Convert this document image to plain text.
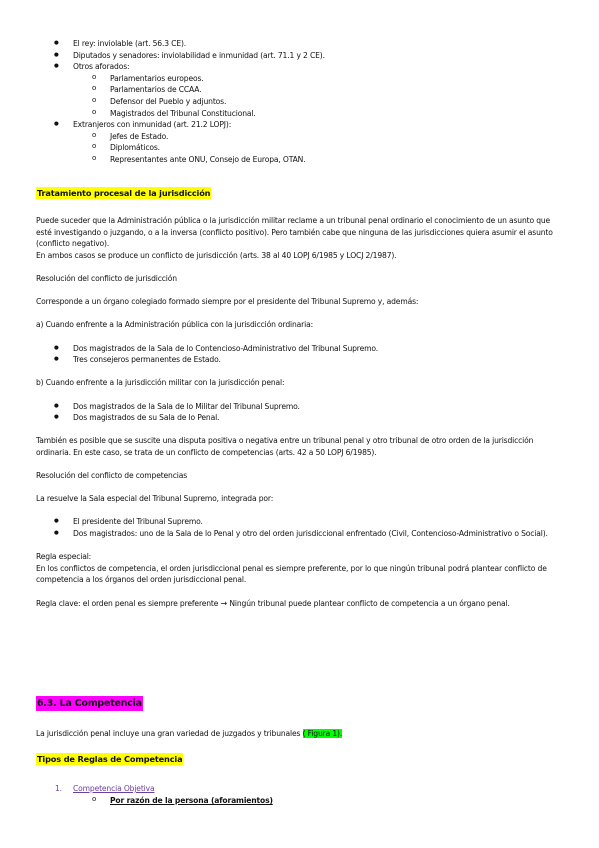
● El rey: inviolable (art. 56.3 CE).
● Diputados y senadores: inviolabilidad e inmunidad (art. 71.1 y 2 CE).
● Otros aforados:
o Parlamentarios europeos.
o Parlamentarios de CCAA.
o Defensor del Pueblo y adjuntos.
o Magistrados del Tribunal Constitucional.
● Extranjeros con inmunidad (art. 21.2 LOPJ):
o Jefes de Estado.
o Diplomáticos.
o Representantes ante ONU, Consejo de Europa, OTAN.
Tratamiento procesal de la jurisdicción
Puede suceder que la Administración pública o la jurisdicción militar reclame a un tribunal penal ordinario el conocimiento de un asunto que esté investigando o juzgando, o a la inversa (conflicto positivo). Pero también cabe que ninguna de las jurisdicciones quiera asumir el asunto (conflicto negativo).
En ambos casos se produce un conflicto de jurisdicción (arts. 38 al 40 LOPJ 6/1985 y LOCJ 2/1987).
Resolución del conflicto de jurisdicción
Corresponde a un órgano colegiado formado siempre por el presidente del Tribunal Supremo y, además:
a) Cuando enfrente a la Administración pública con la jurisdicción ordinaria:
● Dos magistrados de la Sala de lo Contencioso-Administrativo del Tribunal Supremo.
● Tres consejeros permanentes de Estado.
b) Cuando enfrente a la jurisdicción militar con la jurisdicción penal:
● Dos magistrados de la Sala de lo Militar del Tribunal Supremo.
● Dos magistrados de su Sala de lo Penal.
También es posible que se suscite una disputa positiva o negativa entre un tribunal penal y otro tribunal de otro orden de la jurisdicción ordinaria. En este caso, se trata de un conflicto de competencias (arts. 42 a 50 LOPJ 6/1985).
Resolución del conflicto de competencias
La resuelve la Sala especial del Tribunal Supremo, integrada por:
● El presidente del Tribunal Supremo.
● Dos magistrados: uno de la Sala de lo Penal y otro del orden jurisdiccional enfrentado (Civil, Contencioso-Administrativo o Social).
Regla especial:
En los conflictos de competencia, el orden jurisdiccional penal es siempre preferente, por lo que ningún tribunal podrá plantear conflicto de competencia a los órganos del orden jurisdiccional penal.
Regla clave: el orden penal es siempre preferente → Ningún tribunal puede plantear conflicto de competencia a un órgano penal.
6.3. La Competencia
La jurisdicción penal incluye una gran variedad de juzgados y tribunales ( Figura 1).
Tipos de Reglas de Competencia
1. Competencia Objetiva
o Por razón de la persona (aforamientos)
